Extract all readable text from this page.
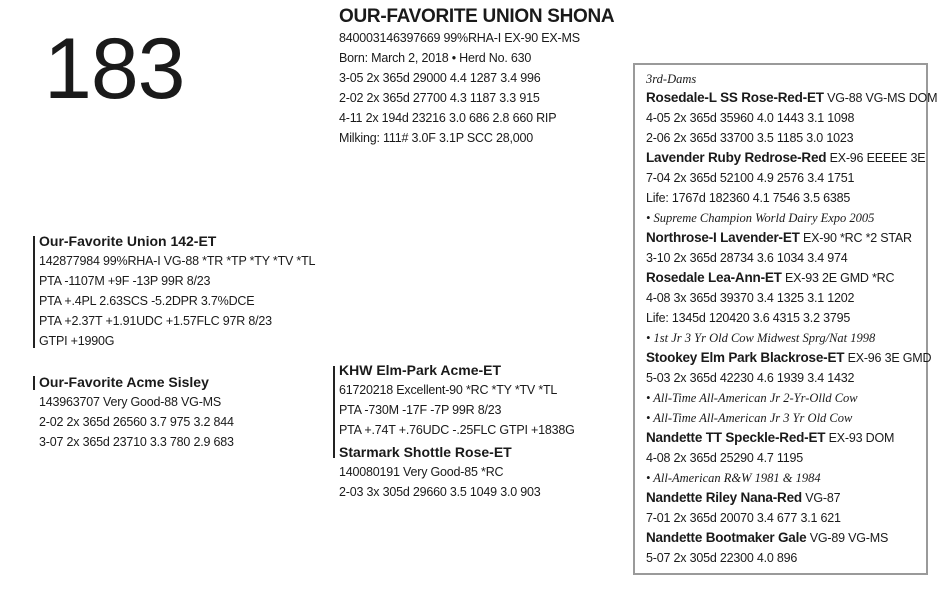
183
OUR-FAVORITE UNION SHONA
840003146397669 99%RHA-I EX-90 EX-MS
Born: March 2, 2018 • Herd No. 630
3-05 2x 365d 29000 4.4 1287 3.4 996
2-02 2x 365d 27700 4.3 1187 3.3 915
4-11 2x 194d 23216 3.0 686 2.8 660 RIP
Milking: 111# 3.0F 3.1P SCC 28,000
Our-Favorite Union 142-ET
142877984 99%RHA-I VG-88 *TR *TP *TY *TV *TL
PTA -1107M +9F -13P 99R 8/23
PTA +.4PL 2.63SCS -5.2DPR 3.7%DCE
PTA +2.37T +1.91UDC +1.57FLC 97R 8/23
GTPI +1990G
Our-Favorite Acme Sisley
143963707 Very Good-88 VG-MS
2-02 2x 365d 26560 3.7 975 3.2 844
3-07 2x 365d 23710 3.3 780 2.9 683
KHW Elm-Park Acme-ET
61720218 Excellent-90 *RC *TY *TV *TL
PTA -730M -17F -7P 99R 8/23
PTA +.74T +.76UDC -.25FLC GTPI +1838G
Starmark Shottle Rose-ET
140080191 Very Good-85 *RC
2-03 3x 305d 29660 3.5 1049 3.0 903
3rd-Dams
Rosedale-L SS Rose-Red-ET VG-88 VG-MS DOM
4-05 2x 365d 35960 4.0 1443 3.1 1098
2-06 2x 365d 33700 3.5 1185 3.0 1023
Lavender Ruby Redrose-Red EX-96 EEEEE 3E
7-04 2x 365d 52100 4.9 2576 3.4 1751
Life: 1767d 182360 4.1 7546 3.5 6385
• Supreme Champion World Dairy Expo 2005
Northrose-I Lavender-ET EX-90 *RC *2 STAR
3-10 2x 365d 28734 3.6 1034 3.4 974
Rosedale Lea-Ann-ET EX-93 2E GMD *RC
4-08 3x 365d 39370 3.4 1325 3.1 1202
Life: 1345d 120420 3.6 4315 3.2 3795
• 1st Jr 3 Yr Old Cow Midwest Sprg/Nat 1998
Stookey Elm Park Blackrose-ET EX-96 3E GMD
5-03 2x 365d 42230 4.6 1939 3.4 1432
• All-Time All-American Jr 2-Yr-Olld Cow
• All-Time All-American Jr 3 Yr Old Cow
Nandette TT Speckle-Red-ET EX-93 DOM
4-08 2x 365d 25290 4.7 1195
• All-American R&W 1981 & 1984
Nandette Riley Nana-Red VG-87
7-01 2x 365d 20070 3.4 677 3.1 621
Nandette Bootmaker Gale VG-89 VG-MS
5-07 2x 305d 22300 4.0 896
